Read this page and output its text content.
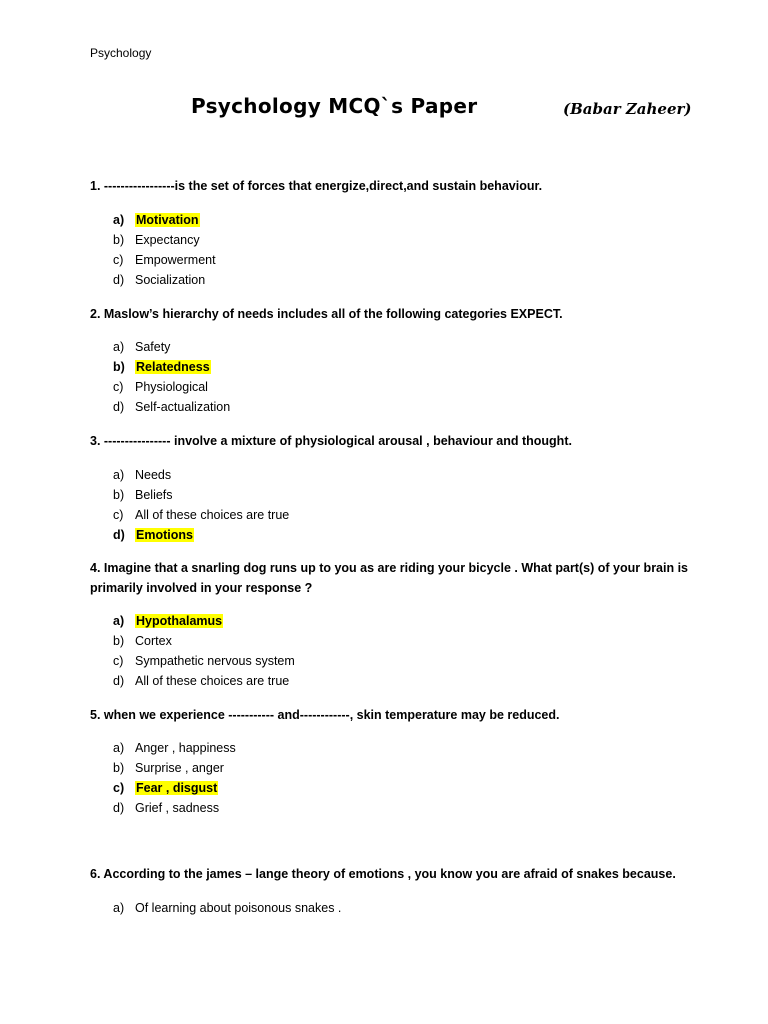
Psychology
Psychology MCQ`s Paper	(Babar Zaheer)
1. -----------------is the set of forces that energize,direct,and sustain behaviour.
a) Motivation
b) Expectancy
c) Empowerment
d) Socialization
2. Maslow’s hierarchy of needs includes all of the following categories EXPECT.
a) Safety
b) Relatedness
c) Physiological
d) Self-actualization
3. ---------------- involve a mixture of physiological arousal , behaviour and thought.
a) Needs
b) Beliefs
c) All of these choices are true
d) Emotions
4. Imagine that a snarling dog runs up to you as are riding your bicycle . What part(s) of your brain is primarily involved in your response ?
a) Hypothalamus
b) Cortex
c) Sympathetic nervous system
d) All of these choices are true
5. when we experience ----------- and------------, skin temperature may be reduced.
a) Anger , happiness
b) Surprise , anger
c) Fear , disgust
d) Grief , sadness
6. According to the james – lange theory of emotions , you know you are afraid of snakes because.
a) Of learning about poisonous snakes .
